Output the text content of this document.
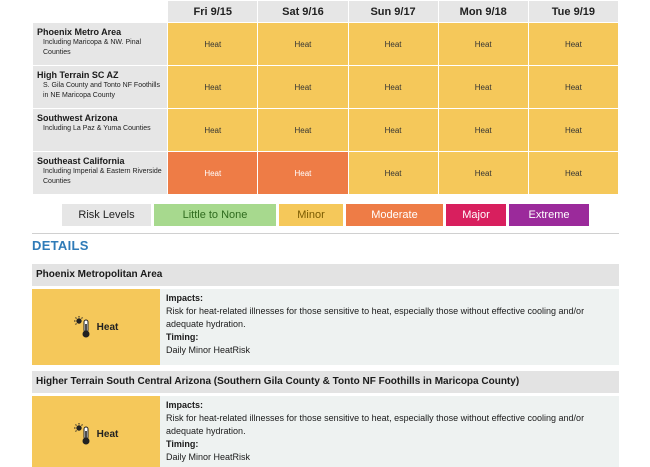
	Fri 9/15	Sat 9/16	Sun 9/17	Mon 9/18	Tue 9/19

Phoenix Metro Area
Including Maricopa & NW. Pinal Counties	Heat	Heat	Heat	Heat	Heat

High Terrain SC AZ
S. Gila County and Tonto NF Foothills in NE Maricopa County	Heat	Heat	Heat	Heat	Heat

Southwest Arizona
Including La Paz & Yuma Counties	Heat	Heat	Heat	Heat	Heat

Southeast California
Including Imperial & Eastern Riverside Counties	Heat	Heat	Heat	Heat	Heat
Risk Levels	Little to None	Minor	Moderate	Major	Extreme
DETAILS
Phoenix Metropolitan Area
Heat
Impacts:
Risk for heat-related illnesses for those sensitive to heat, especially those without effective cooling and/or adequate hydration.
Timing:
Daily Minor HeatRisk
Higher Terrain South Central Arizona (Southern Gila County & Tonto NF Foothills in Maricopa County)
Heat
Impacts:
Risk for heat-related illnesses for those sensitive to heat, especially those without effective cooling and/or adequate hydration.
Timing:
Daily Minor HeatRisk
